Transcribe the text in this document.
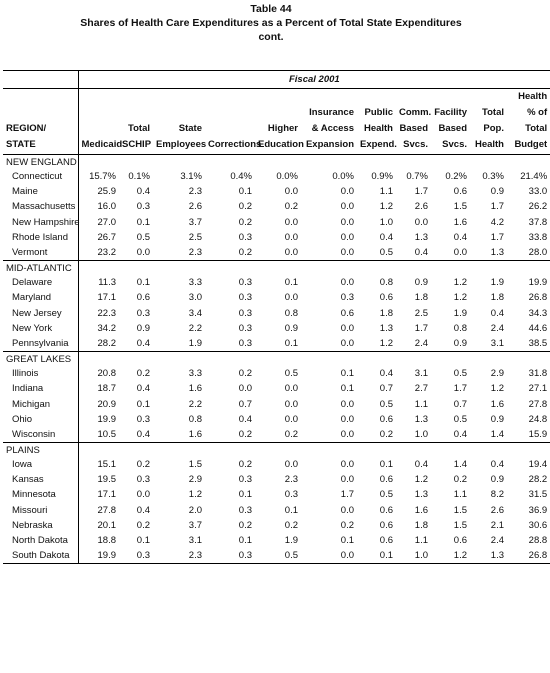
Table 44
Shares of Health Care Expenditures as a Percent of Total State Expenditures
cont.
	Fiscal 2001										
REGION/ STATE	Medicaid	Total SCHIP	State Employees	Corrections	Higher Education	Insurance & Access Expansion	Public Health Expend.	Comm. Based Svcs.	Facility Based Svcs.	Total Pop. Health	Health % of Total Budget
NEW ENGLAND											
Connecticut	15.7%	0.1%	3.1%	0.4%	0.0%	0.0%	0.9%	0.7%	0.2%	0.3%	21.4%
Maine	25.9	0.4	2.3	0.1	0.0	0.0	1.1	1.7	0.6	0.9	33.0
Massachusetts	16.0	0.3	2.6	0.2	0.2	0.0	1.2	2.6	1.5	1.7	26.2
New Hampshire	27.0	0.1	3.7	0.2	0.0	0.0	1.0	0.0	1.6	4.2	37.8
Rhode Island	26.7	0.5	2.5	0.3	0.0	0.0	0.4	1.3	0.4	1.7	33.8
Vermont	23.2	0.0	2.3	0.2	0.0	0.0	0.5	0.4	0.0	1.3	28.0
MID-ATLANTIC											
Delaware	11.3	0.1	3.3	0.3	0.1	0.0	0.8	0.9	1.2	1.9	19.9
Maryland	17.1	0.6	3.0	0.3	0.0	0.3	0.6	1.8	1.2	1.8	26.8
New Jersey	22.3	0.3	3.4	0.3	0.8	0.6	1.8	2.5	1.9	0.4	34.3
New York	34.2	0.9	2.2	0.3	0.9	0.0	1.3	1.7	0.8	2.4	44.6
Pennsylvania	28.2	0.4	1.9	0.3	0.1	0.0	1.2	2.4	0.9	3.1	38.5
GREAT LAKES											
Illinois	20.8	0.2	3.3	0.2	0.5	0.1	0.4	3.1	0.5	2.9	31.8
Indiana	18.7	0.4	1.6	0.0	0.0	0.1	0.7	2.7	1.7	1.2	27.1
Michigan	20.9	0.1	2.2	0.7	0.0	0.0	0.5	1.1	0.7	1.6	27.8
Ohio	19.9	0.3	0.8	0.4	0.0	0.0	0.6	1.3	0.5	0.9	24.8
Wisconsin	10.5	0.4	1.6	0.2	0.2	0.0	0.2	1.0	0.4	1.4	15.9
PLAINS											
Iowa	15.1	0.2	1.5	0.2	0.0	0.0	0.1	0.4	1.4	0.4	19.4
Kansas	19.5	0.3	2.9	0.3	2.3	0.0	0.6	1.2	0.2	0.9	28.2
Minnesota	17.1	0.0	1.2	0.1	0.3	1.7	0.5	1.3	1.1	8.2	31.5
Missouri	27.8	0.4	2.0	0.3	0.1	0.0	0.6	1.6	1.5	2.6	36.9
Nebraska	20.1	0.2	3.7	0.2	0.2	0.2	0.6	1.8	1.5	2.1	30.6
North Dakota	18.8	0.1	3.1	0.1	1.9	0.1	0.6	1.1	0.6	2.4	28.8
South Dakota	19.9	0.3	2.3	0.3	0.5	0.0	0.1	1.0	1.2	1.3	26.8
